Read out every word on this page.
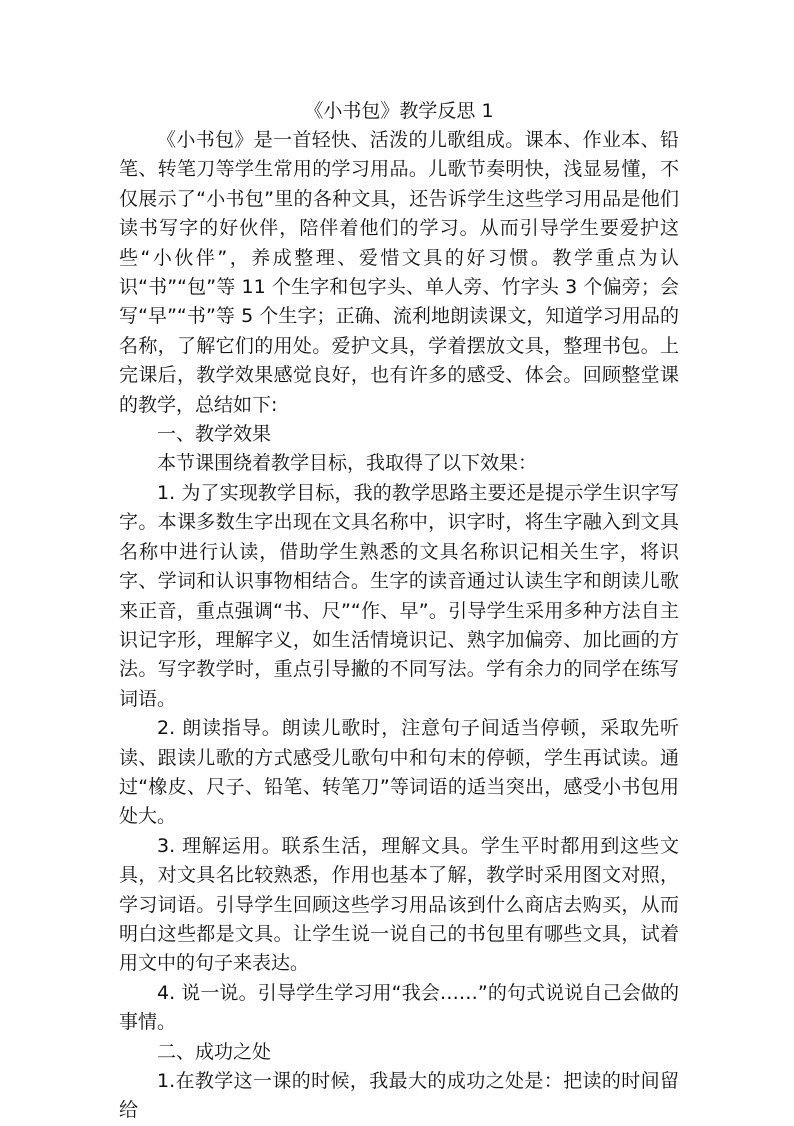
《小书包》教学反思 1

《小书包》是一首轻快、活泼的儿歌组成。课本、作业本、铅笔、转笔刀等学生常用的学习用品。儿歌节奏明快，浅显易懂，不仅展示了“小书包”里的各种文具，还告诉学生这些学习用品是他们读书写字的好伙伴，陪伴着他们的学习。从而引导学生要爱护这些“小伙伴”，养成整理、爱惜文具的好习惯。教学重点为认识“书”“包”等 11 个生字和包字头、单人旁、竹字头 3 个偏旁；会写“早”“书”等 5 个生字；正确、流利地朗读课文，知道学习用品的名称，了解它们的用处。爱护文具，学着摆放文具，整理书包。上完课后，教学效果感觉良好，也有许多的感受、体会。回顾整堂课的教学，总结如下:

一、教学效果

本节课围绕着教学目标，我取得了以下效果：

1. 为了实现教学目标，我的教学思路主要还是提示学生识字写字。本课多数生字出现在文具名称中，识字时，将生字融入到文具名称中进行认读，借助学生熟悉的文具名称识记相关生字，将识字、学词和认识事物相结合。生字的读音通过认读生字和朗读儿歌来正音，重点强调“书、尺”“作、早”。引导学生采用多种方法自主识记字形，理解字义，如生活情境识记、熟字加偏旁、加比画的方法。写字教学时，重点引导撇的不同写法。学有余力的同学在练写词语。

2. 朗读指导。朗读儿歌时，注意句子间适当停顿，采取先听读、跟读儿歌的方式感受儿歌句中和句末的停顿，学生再试读。通过“橡皮、尺子、铅笔、转笔刀”等词语的适当突出，感受小书包用处大。

3. 理解运用。联系生活，理解文具。学生平时都用到这些文具，对文具名比较熟悉，作用也基本了解，教学时采用图文对照，学习词语。引导学生回顾这些学习用品该到什么商店去购买，从而明白这些都是文具。让学生说一说自己的书包里有哪些文具，试着用文中的句子来表达。

4. 说一说。引导学生学习用“我会……”的句式说说自己会做的事情。

二、成功之处

1.在教学这一课的时候，我最大的成功之处是：把读的时间留给
